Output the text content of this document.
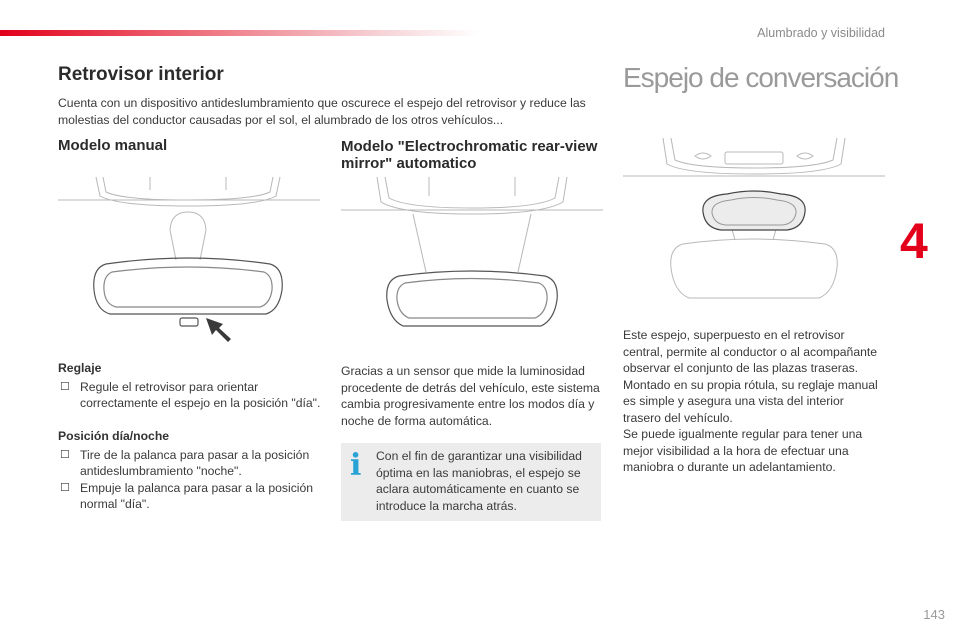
Alumbrado y visibilidad
4
Retrovisor interior
Cuenta con un dispositivo antideslumbramiento que oscurece el espejo del retrovisor y reduce las molestias del conductor causadas por el sol, el alumbrado de los otros vehículos...
Modelo manual	Modelo "Electrochromatic rear-view mirror" automatico
Espejo de conversación
Reglaje
☐ Regule el retrovisor para orientar correctamente el espejo en la posición "día".
Posición día/noche
☐ Tire de la palanca para pasar a la posición antideslumbramiento "noche".
☐ Empuje la palanca para pasar a la posición normal "día".
Gracias a un sensor que mide la luminosidad procedente de detrás del vehículo, este sistema cambia progresivamente entre los modos día y noche de forma automática.
i Con el fin de garantizar una visibilidad óptima en las maniobras, el espejo se aclara automáticamente en cuanto se introduce la marcha atrás.
Este espejo, superpuesto en el retrovisor central, permite al conductor o al acompañante observar el conjunto de las plazas traseras. Montado en su propia rótula, su reglaje manual es simple y asegura una vista del interior trasero del vehículo.
Se puede igualmente regular para tener una mejor visibilidad a la hora de efectuar una maniobra o durante un adelantamiento.
143
